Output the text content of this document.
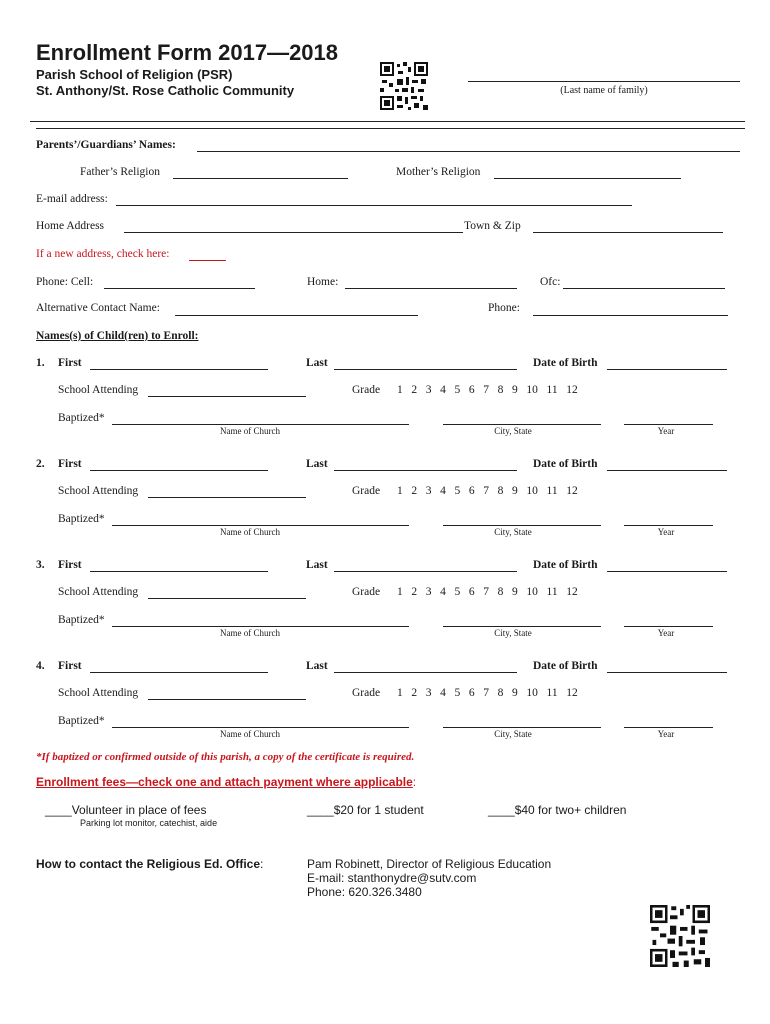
Enrollment Form 2017—2018
Parish School of Religion (PSR)
St. Anthony/St. Rose Catholic Community	(Last name of family)
Parents’/Guardians’ Names:
Father’s Religion	Mother’s Religion
E-mail address:
Home Address	Town & Zip
If a new address, check here:
Phone: Cell:	Home:	Ofc:
Alternative Contact Name:	Phone:
Names(s) of Child(ren) to Enroll:
1. First	Last	Date of Birth
School Attending	Grade 1   2   3   4   5   6   7   8   9   10   11   12
Baptized*
Name of Church	City, State	Year
2. First	Last	Date of Birth
School Attending	Grade 1   2   3   4   5   6   7   8   9   10   11   12
Baptized*
Name of Church	City, State	Year
3. First	Last	Date of Birth
School Attending	Grade 1   2   3   4   5   6   7   8   9   10   11   12
Baptized*
Name of Church	City, State	Year
4. First	Last	Date of Birth
School Attending	Grade 1   2   3   4   5   6   7   8   9   10   11   12
Baptized*
Name of Church	City, State	Year
*If baptized or confirmed outside of this parish, a copy of the certificate is required.
Enrollment fees—check one and attach payment where applicable:
____Volunteer in place of fees
Parking lot monitor, catechist, aide
____$20 for 1 student	____$40 for two+ children
How to contact the Religious Ed. Office:	Pam Robinett, Director of Religious Education
E-mail: stanthonydre@sutv.com
Phone: 620.326.3480
